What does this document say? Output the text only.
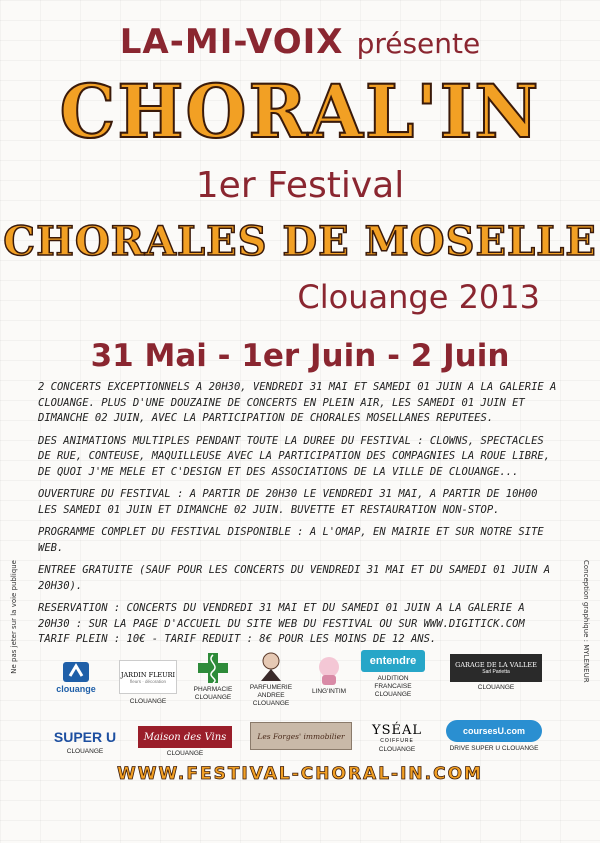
LA-MI-VOIX présente
CHORAL'IN
1er Festival
CHORALES DE MOSELLE
Clouange 2013
31 Mai - 1er Juin - 2 Juin
2 CONCERTS EXCEPTIONNELS A 20H30, VENDREDI 31 MAI ET SAMEDI 01 JUIN A LA GALERIE A CLOUANGE. PLUS D'UNE DOUZAINE DE CONCERTS EN PLEIN AIR, LES SAMEDI 01 JUIN ET DIMANCHE 02 JUIN, AVEC LA PARTICIPATION DE CHORALES MOSELLANES REPUTEES.
DES ANIMATIONS MULTIPLES PENDANT TOUTE LA DUREE DU FESTIVAL : CLOWNS, SPECTACLES DE RUE, CONTEUSE, MAQUILLEUSE AVEC LA PARTICIPATION DES COMPAGNIES LA ROUE LIBRE, DE QUOI J'ME MELE ET C'DESIGN ET DES ASSOCIATIONS DE LA VILLE DE CLOUANGE...
OUVERTURE DU FESTIVAL : A PARTIR DE 20H30 LE VENDREDI 31 MAI, A PARTIR DE 10H00 LES SAMEDI 01 JUIN ET DIMANCHE 02 JUIN. BUVETTE ET RESTAURATION NON-STOP.
PROGRAMME COMPLET DU FESTIVAL DISPONIBLE : A L'OMAP, EN MAIRIE ET SUR NOTRE SITE WEB.
ENTREE GRATUITE (SAUF POUR LES CONCERTS DU VENDREDI 31 MAI ET DU SAMEDI 01 JUIN A 20H30).
RESERVATION : CONCERTS DU VENDREDI 31 MAI ET DU SAMEDI 01 JUIN A LA GALERIE A 20H30 : SUR LA PAGE D'ACCUEIL DU SITE WEB DU FESTIVAL OU SUR WWW.DIGITICK.COM
TARIF PLEIN : 10€ - TARIF REDUIT : 8€ POUR LES MOINS DE 12 ANS.
Ne pas jeter sur la voie publique	Conception graphique : MYLENEUR
clouange
JARDIN FLEURI
fleurs · décoration
CLOUANGE
PHARMACIE
CLOUANGE
PARFUMERIE
ANDREE
CLOUANGE
LING'INTIM
entendre
AUDITION
FRANCAISE
CLOUANGE
GARAGE DE LA VALLEE
Sarl Parietta
CLOUANGE
SUPER U
CLOUANGE
Maison des Vins
CLOUANGE
Les Forges' immobilier YSÉAL
COIFFURE
CLOUANGE
coursesU.com
DRIVE SUPER U CLOUANGE
WWW.FESTIVAL-CHORAL-IN.COM
